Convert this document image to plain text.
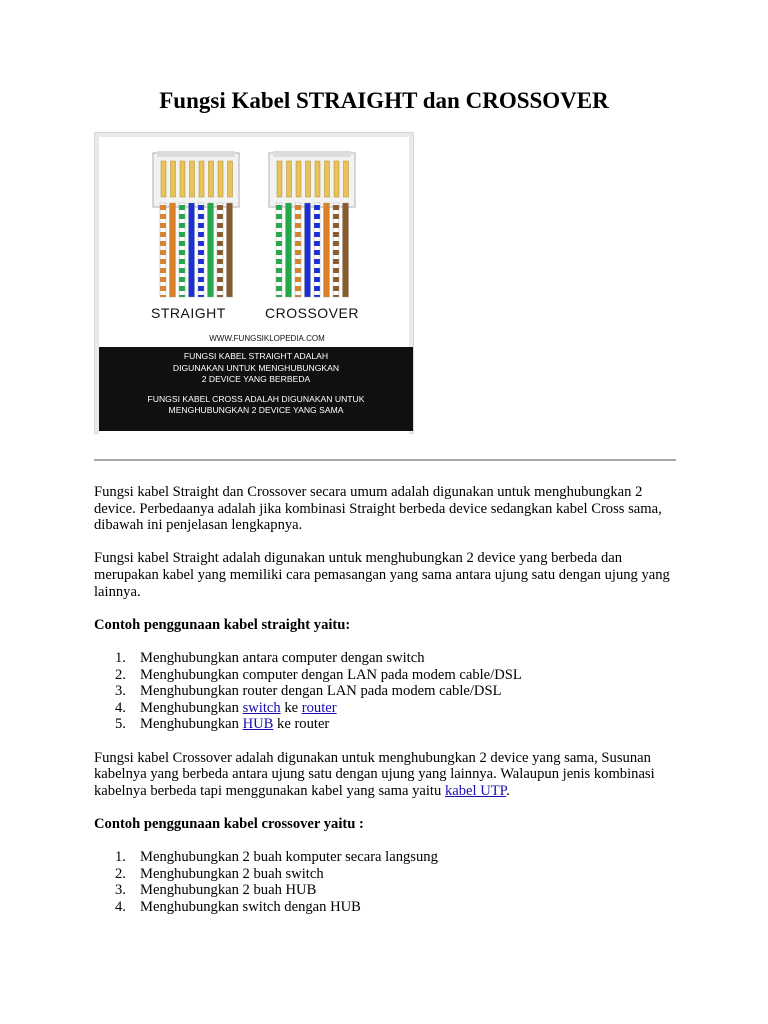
Fungsi Kabel STRAIGHT dan CROSSOVER
STRAIGHT	CROSSOVER
WWW.FUNGSIKLOPEDIA.COM
FUNGSI KABEL STRAIGHT ADALAH
DIGUNAKAN UNTUK MENGHUBUNGKAN
2 DEVICE YANG BERBEDA
FUNGSI KABEL CROSS ADALAH DIGUNAKAN UNTUK
MENGHUBUNGKAN 2 DEVICE YANG SAMA

Fungsi kabel Straight dan Crossover secara umum adalah digunakan untuk menghubungkan 2 device. Perbedaanya adalah jika kombinasi Straight berbeda device sedangkan kabel Cross sama, dibawah ini penjelasan lengkapnya.

Fungsi kabel Straight adalah digunakan untuk menghubungkan 2 device yang berbeda dan merupakan kabel yang memiliki cara pemasangan yang sama antara ujung satu dengan ujung yang lainnya.

Contoh penggunaan kabel straight yaitu:

1. Menghubungkan antara computer dengan switch
2. Menghubungkan computer dengan LAN pada modem cable/DSL
3. Menghubungkan router dengan LAN pada modem cable/DSL
4. Menghubungkan switch ke router
5. Menghubungkan HUB ke router

Fungsi kabel Crossover adalah digunakan untuk menghubungkan 2 device yang sama, Susunan kabelnya yang berbeda antara ujung satu dengan ujung yang lainnya. Walaupun jenis kombinasi kabelnya berbeda tapi menggunakan kabel yang sama yaitu kabel UTP.

Contoh penggunaan kabel crossover yaitu :

1. Menghubungkan 2 buah komputer secara langsung
2. Menghubungkan 2 buah switch
3. Menghubungkan 2 buah HUB
4. Menghubungkan switch dengan HUB
